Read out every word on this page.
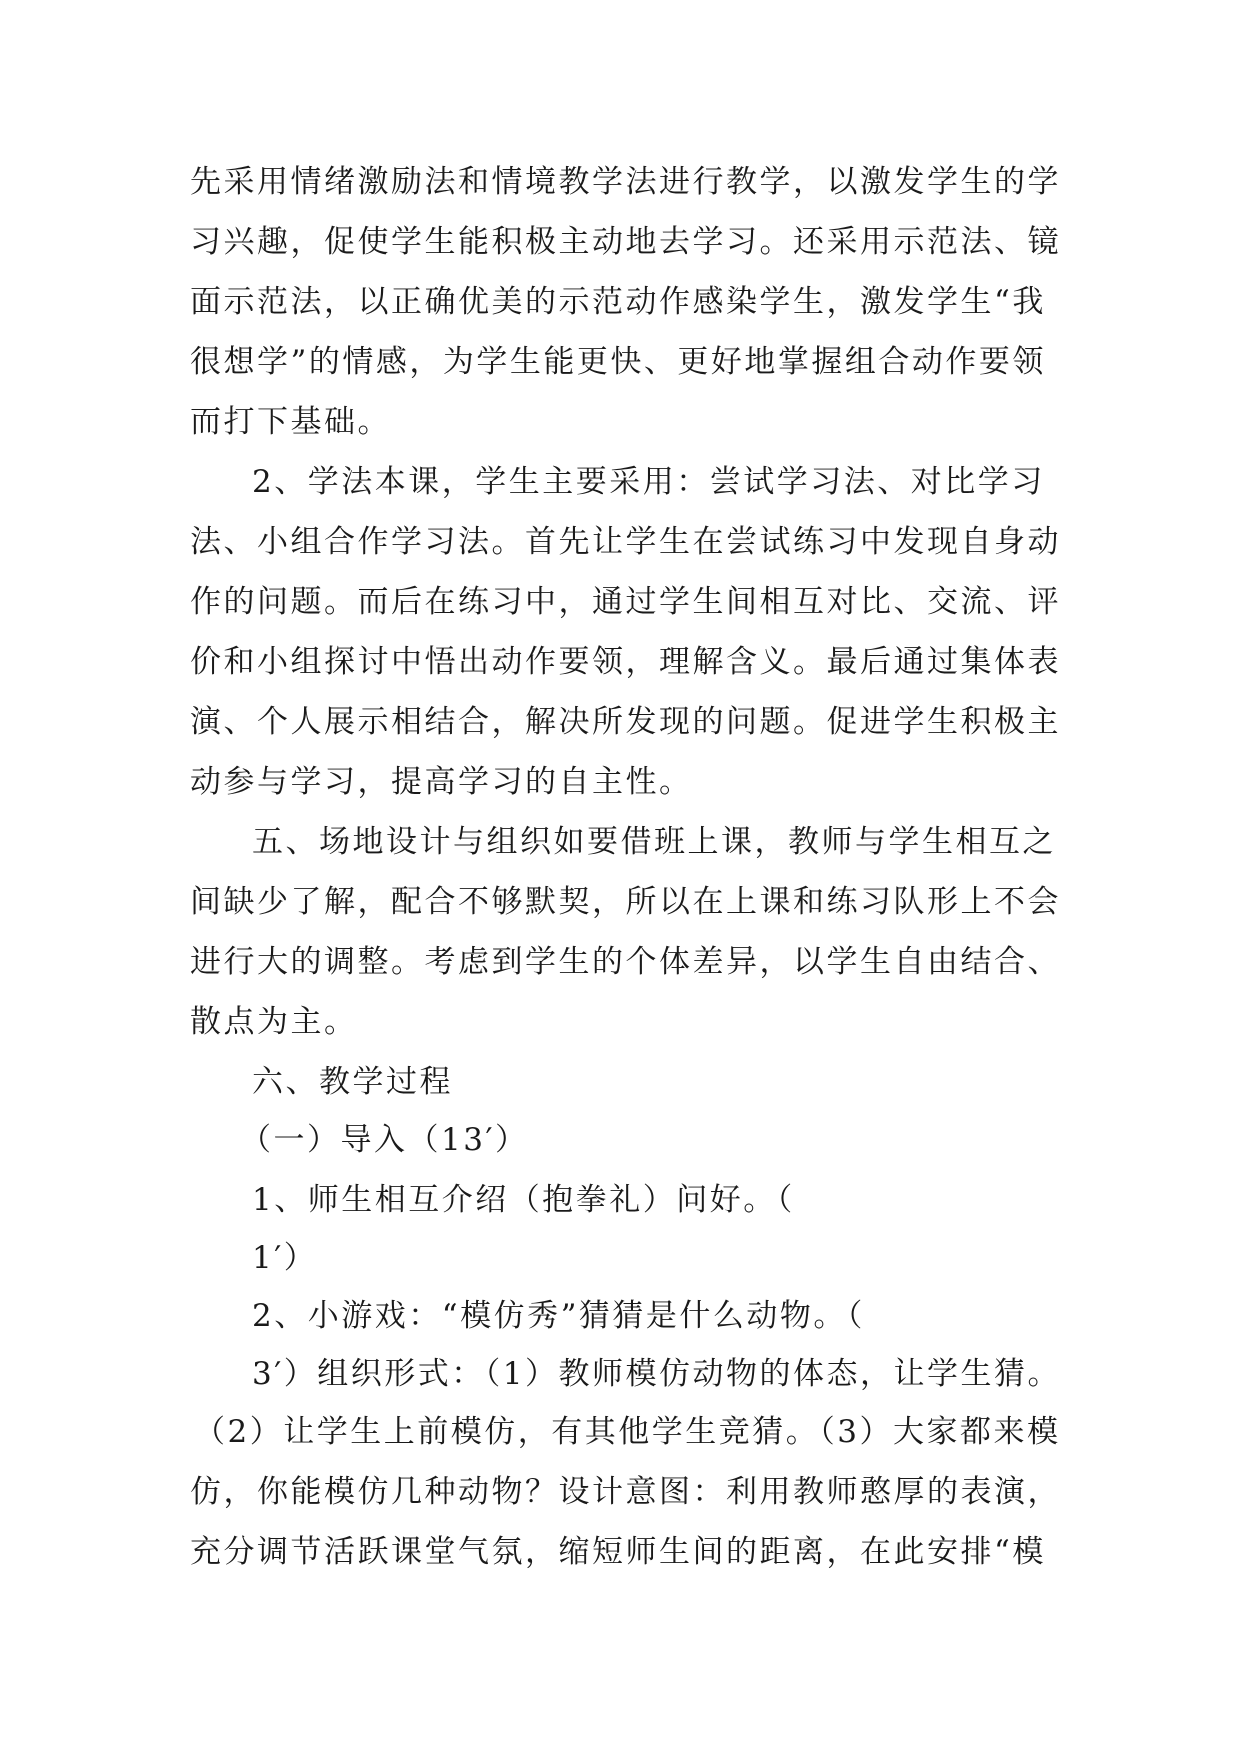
先采用情绪激励法和情境教学法进行教学，以激发学生的学
习兴趣，促使学生能积极主动地去学习。还采用示范法、镜
面示范法，以正确优美的示范动作感染学生，激发学生“我
很想学”的情感，为学生能更快、更好地掌握组合动作要领
而打下基础。
2、学法本课，学生主要采用：尝试学习法、对比学习
法、小组合作学习法。首先让学生在尝试练习中发现自身动
作的问题。而后在练习中，通过学生间相互对比、交流、评
价和小组探讨中悟出动作要领，理解含义。最后通过集体表
演、个人展示相结合，解决所发现的问题。促进学生积极主
动参与学习，提高学习的自主性。
五、场地设计与组织如要借班上课，教师与学生相互之
间缺少了解，配合不够默契，所以在上课和练习队形上不会
进行大的调整。考虑到学生的个体差异，以学生自由结合、
散点为主。
六、教学过程
（一）导入（13′）
1、师生相互介绍（抱拳礼）问好。（
1′）
2、小游戏：“模仿秀”猜猜是什么动物。（
3′）组织形式：（1）教师模仿动物的体态，让学生猜。
（2）让学生上前模仿，有其他学生竞猜。（3）大家都来模
仿，你能模仿几种动物？设计意图：利用教师憨厚的表演，
充分调节活跃课堂气氛，缩短师生间的距离，在此安排“模
